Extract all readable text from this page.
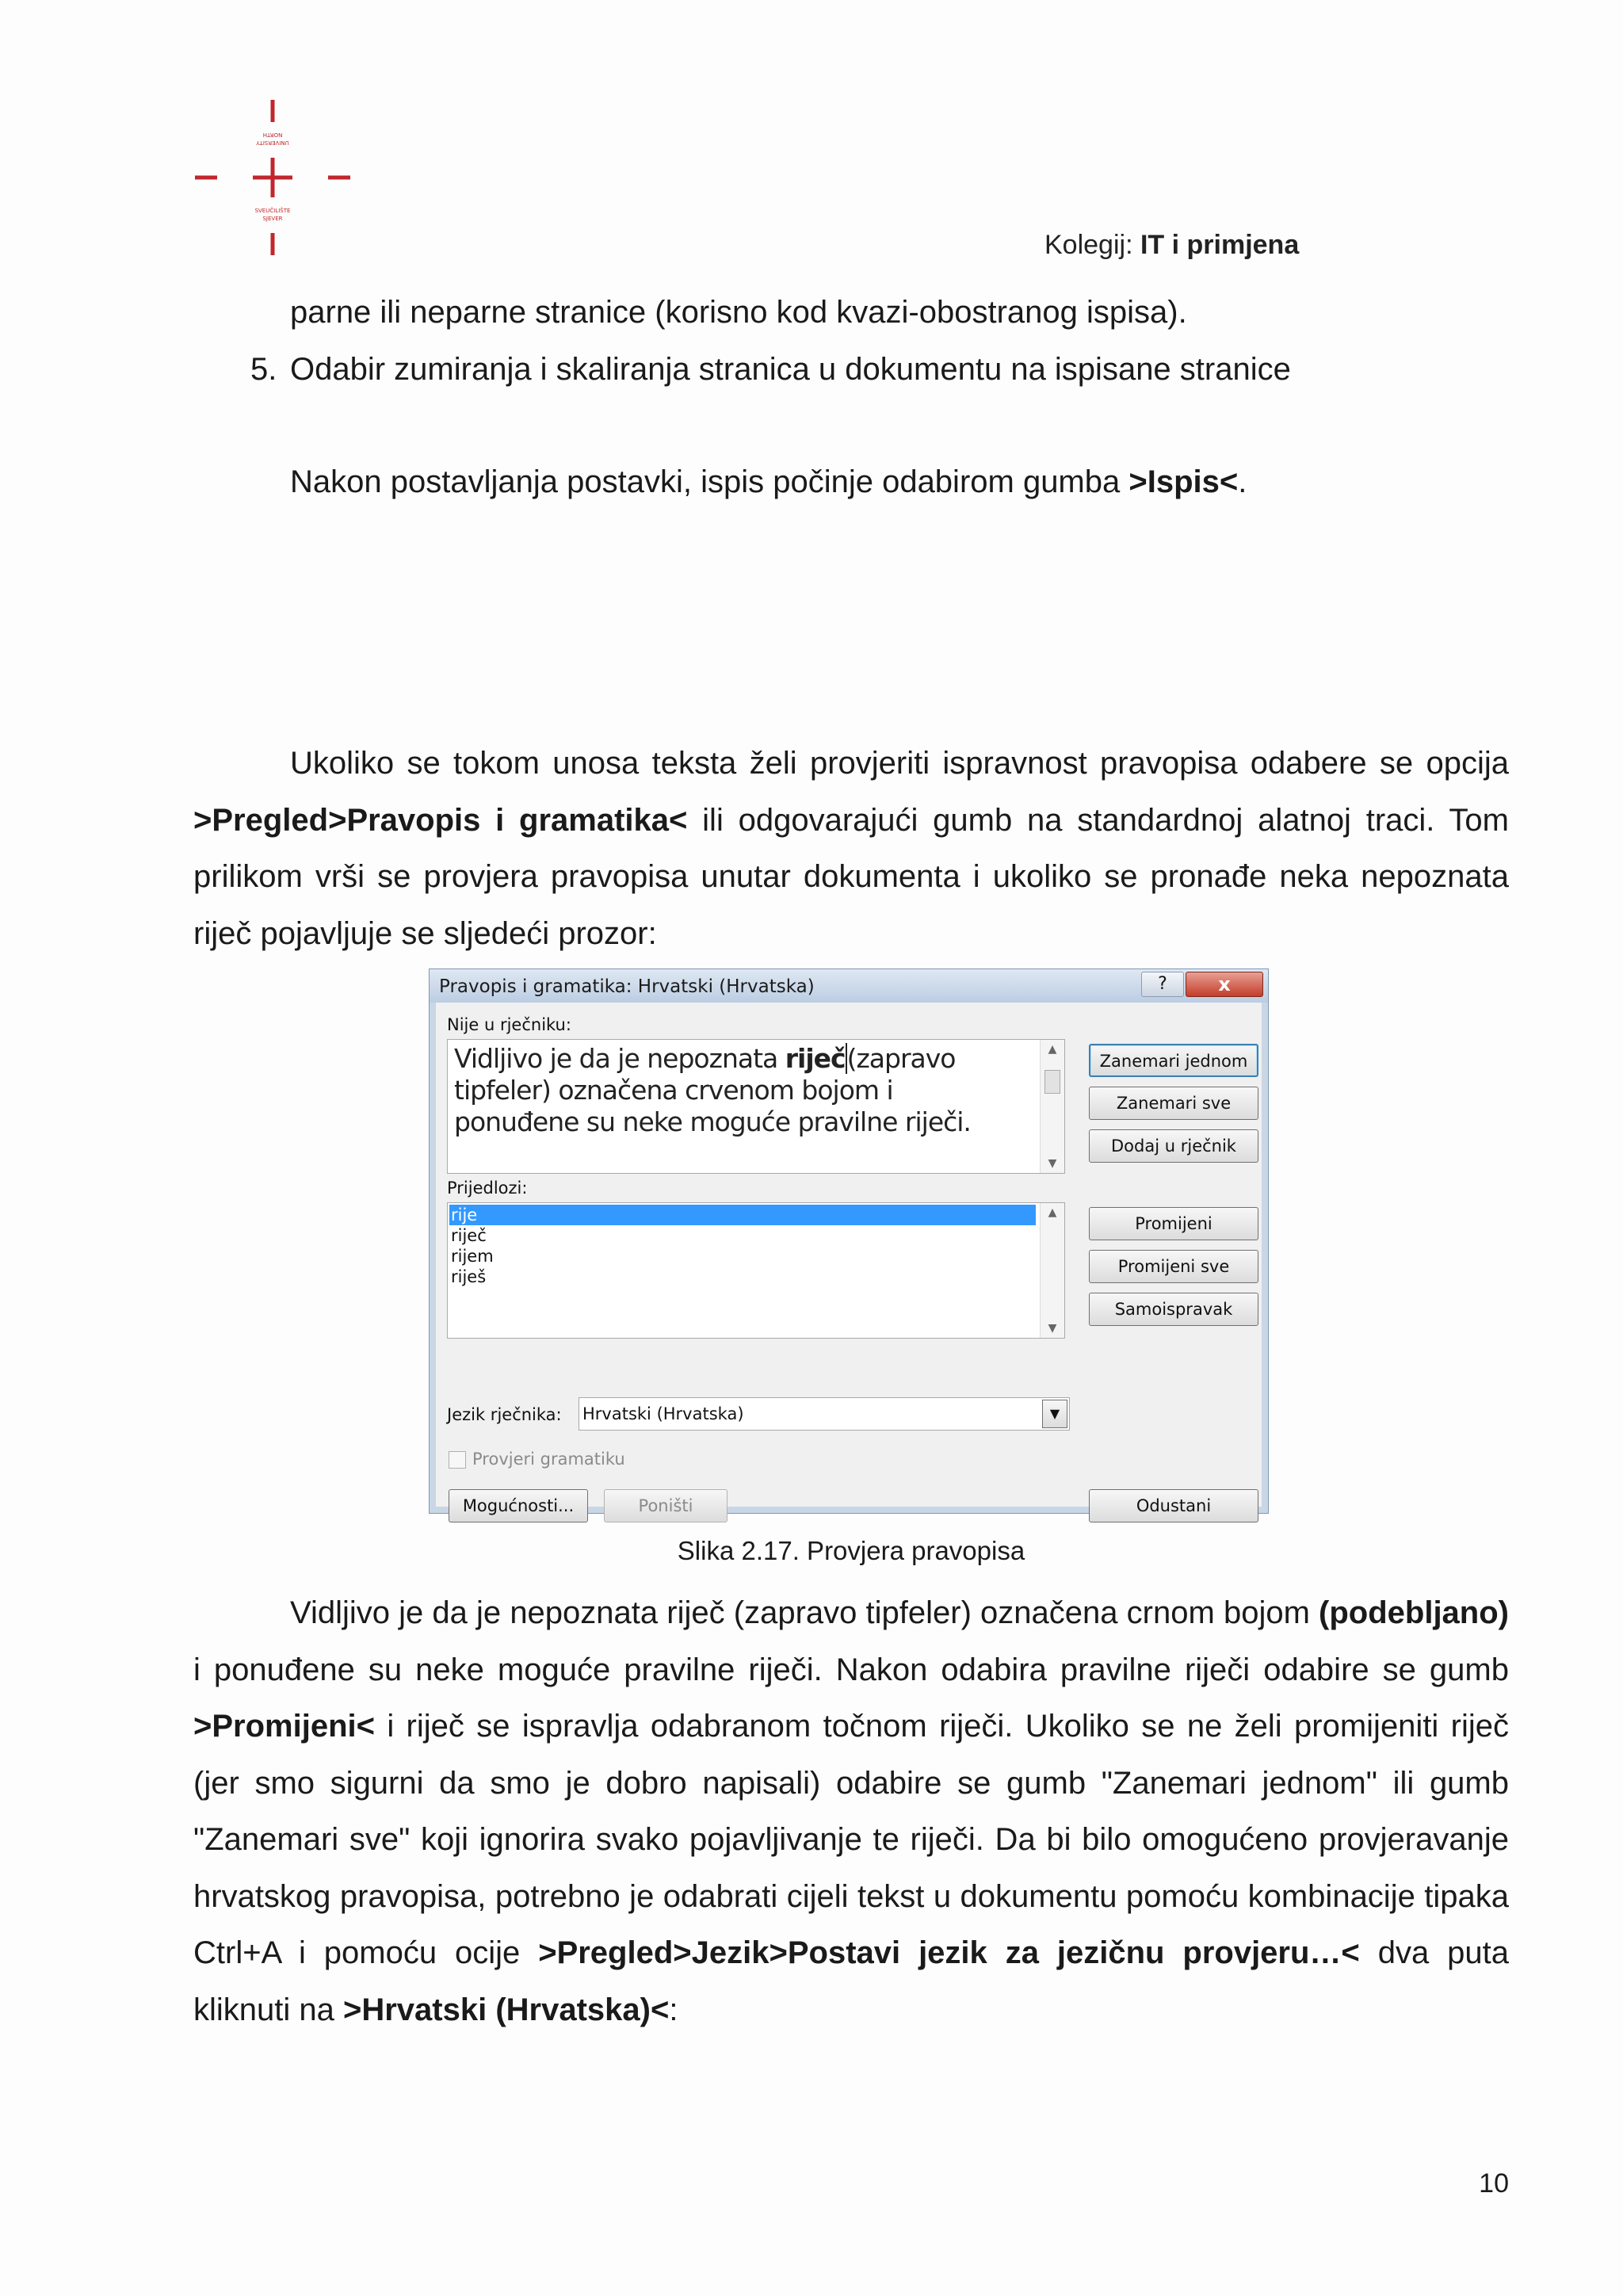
NORTH
UNIVERSITY
SVEUČILIŠTE
SJEVER
Kolegij: IT i primjena
parne ili neparne stranice (korisno kod kvazi-obostranog ispisa).
5. Odabir zumiranja i skaliranja stranica u dokumentu na ispisane stranice
Nakon postavljanja postavki, ispis počinje odabirom gumba >Ispis<.
Ukoliko se tokom unosa teksta želi provjeriti ispravnost pravopisa odabere se opcija >Pregled>Pravopis i gramatika< ili odgovarajući gumb na standardnoj alatnoj traci. Tom prilikom vrši se provjera pravopisa unutar dokumenta i ukoliko se pronađe neka nepoznata riječ pojavljuje se sljedeći prozor:
Pravopis i gramatika: Hrvatski (Hrvatska)	?	x
Nije u rječniku:
Vidljivo je da je nepoznata riječ(zapravo tipfeler) označena crvenom bojom i ponuđene su neke moguće pravilne riječi.
▲
▼
Zanemari jednom
Zanemari sve
Dodaj u rječnik
Prijedlozi:
rije
riječ
rijem
riješ
▲
▼
Promijeni
Promijeni sve
Samoispravak
Jezik rječnika: Hrvatski (Hrvatska)	▼
Provjeri gramatiku
Mogućnosti...	Poništi	Odustani
Slika 2.17. Provjera pravopisa
Vidljivo je da je nepoznata riječ (zapravo tipfeler) označena crnom bojom (podebljano) i ponuđene su neke moguće pravilne riječi. Nakon odabira pravilne riječi odabire se gumb >Promijeni< i riječ se ispravlja odabranom točnom riječi. Ukoliko se ne želi promijeniti riječ (jer smo sigurni da smo je dobro napisali) odabire se gumb "Zanemari jednom" ili gumb "Zanemari sve" koji ignorira svako pojavljivanje te riječi. Da bi bilo omogućeno provjeravanje hrvatskog pravopisa, potrebno je odabrati cijeli tekst u dokumentu pomoću kombinacije tipaka Ctrl+A i pomoću ocije >Pregled>Jezik>Postavi jezik za jezičnu provjeru…< dva puta kliknuti na >Hrvatski (Hrvatska)<:
10
